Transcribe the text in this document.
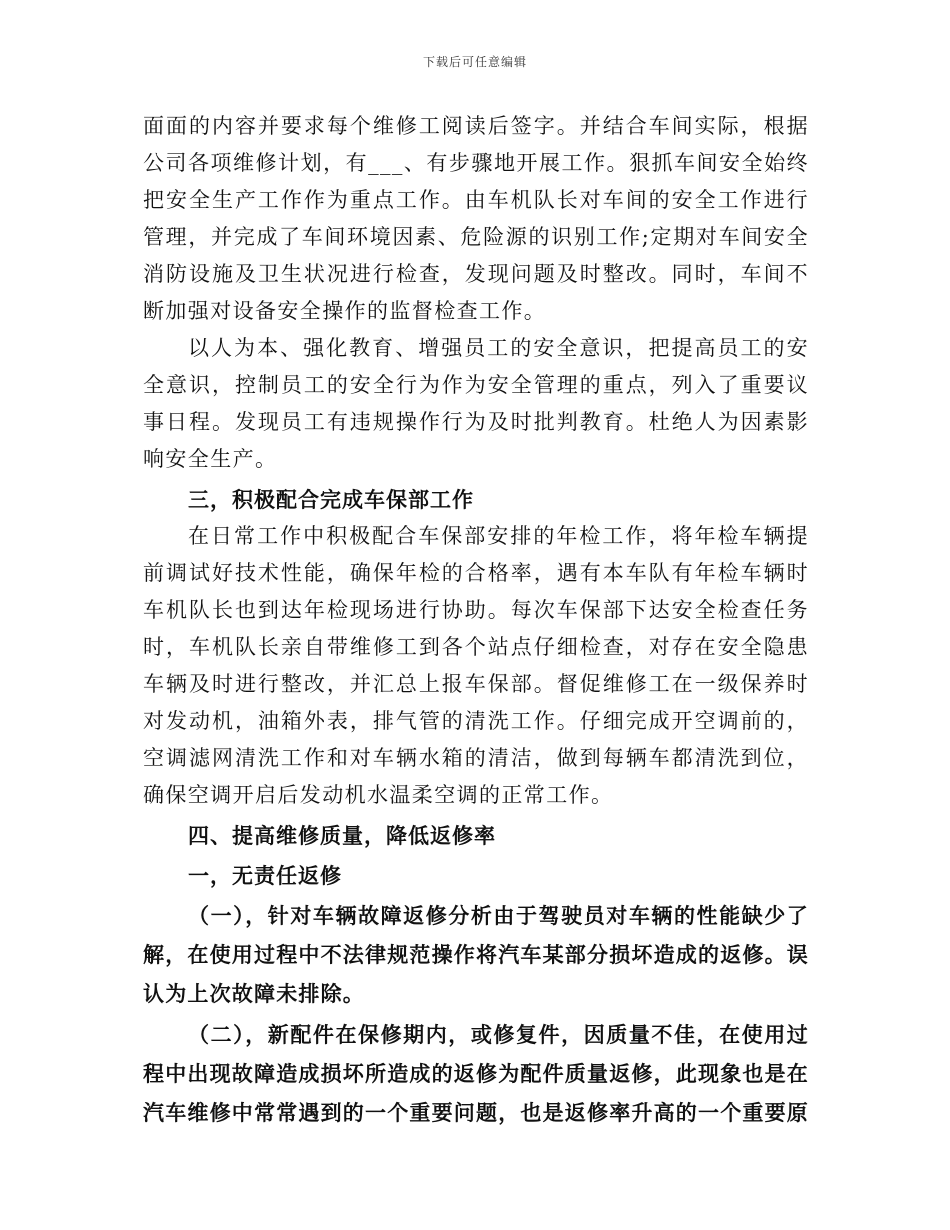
下载后可任意编辑

面面的内容并要求每个维修工阅读后签字。并结合车间实际，根据公司各项维修计划，有___、有步骤地开展工作。狠抓车间安全始终把安全生产工作作为重点工作。由车机队长对车间的安全工作进行管理，并完成了车间环境因素、危险源的识别工作;定期对车间安全消防设施及卫生状况进行检查，发现问题及时整改。同时，车间不断加强对设备安全操作的监督检查工作。

以人为本、强化教育、增强员工的安全意识，把提高员工的安全意识，控制员工的安全行为作为安全管理的重点，列入了重要议事日程。发现员工有违规操作行为及时批判教育。杜绝人为因素影响安全生产。

三，积极配合完成车保部工作

在日常工作中积极配合车保部安排的年检工作，将年检车辆提前调试好技术性能，确保年检的合格率，遇有本车队有年检车辆时车机队长也到达年检现场进行协助。每次车保部下达安全检查任务时，车机队长亲自带维修工到各个站点仔细检查，对存在安全隐患车辆及时进行整改，并汇总上报车保部。督促维修工在一级保养时对发动机，油箱外表，排气管的清洗工作。仔细完成开空调前的，空调滤网清洗工作和对车辆水箱的清洁，做到每辆车都清洗到位，确保空调开启后发动机水温柔空调的正常工作。

四、提高维修质量，降低返修率

一，无责任返修

（一），针对车辆故障返修分析由于驾驶员对车辆的性能缺少了解，在使用过程中不法律规范操作将汽车某部分损坏造成的返修。误认为上次故障未排除。

（二），新配件在保修期内，或修复件，因质量不佳，在使用过程中出现故障造成损坏所造成的返修为配件质量返修，此现象也是在汽车维修中常常遇到的一个重要问题，也是返修率升高的一个重要原
